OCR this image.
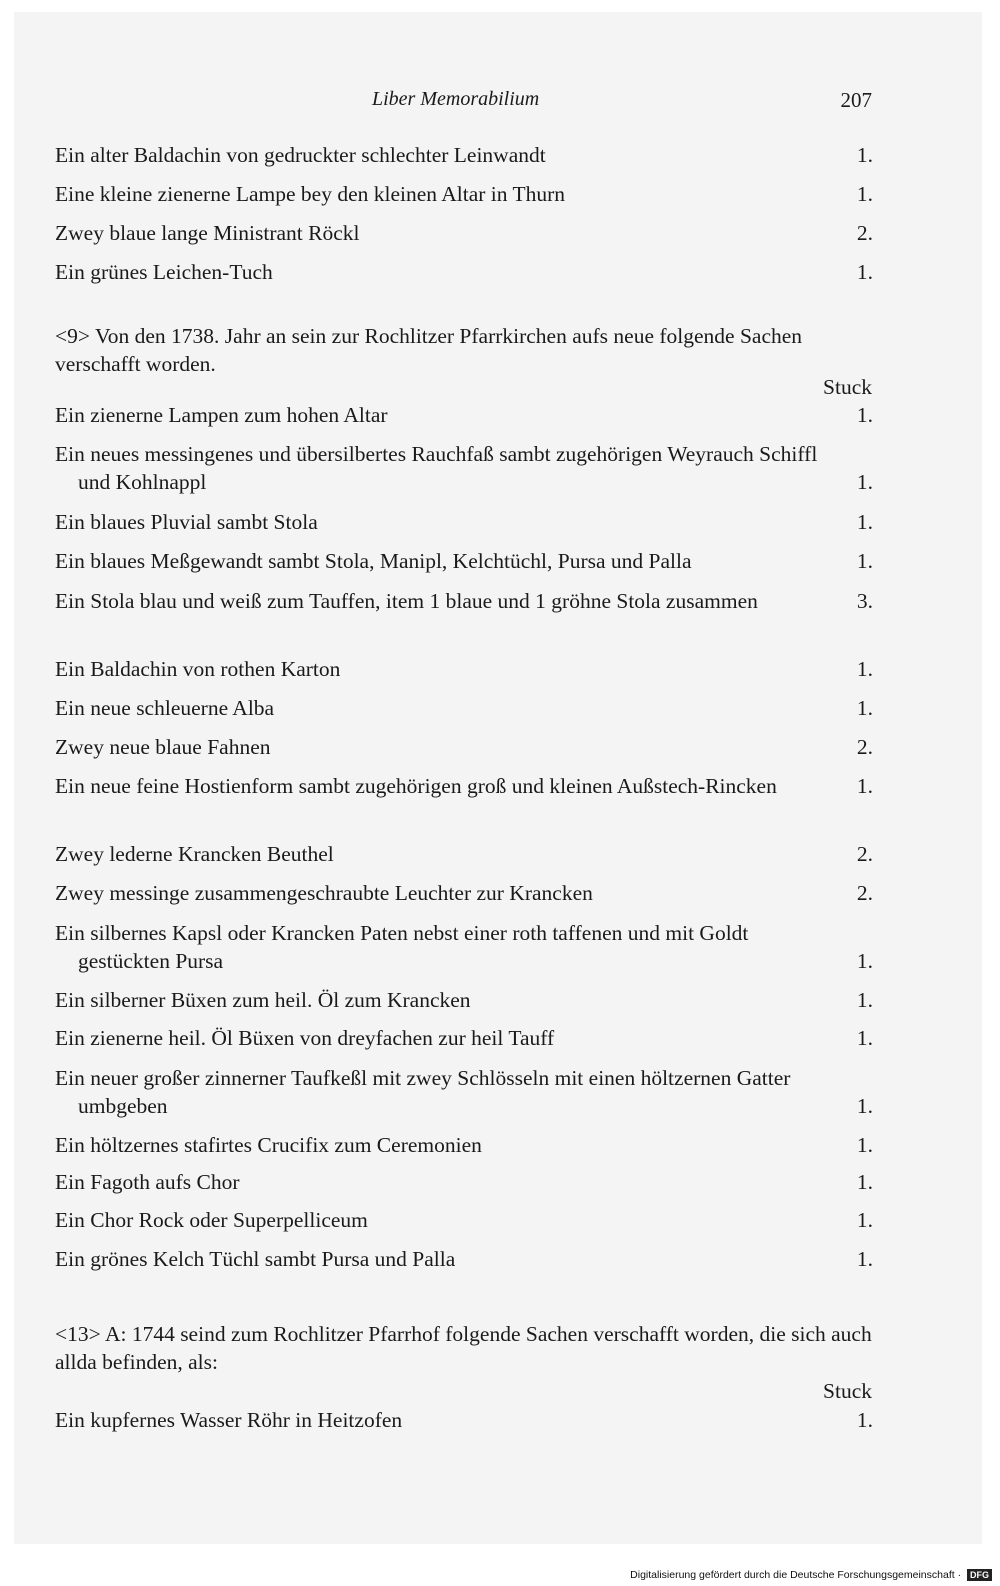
Liber Memorabilium	207
Ein alter Baldachin von gedruckter schlechter Leinwandt	1.
Eine kleine zienerne Lampe bey den kleinen Altar in Thurn	1.
Zwey blaue lange Ministrant Röckl	2.
Ein grünes Leichen-Tuch	1.
<9> Von den 1738. Jahr an sein zur Rochlitzer Pfarrkirchen aufs neue folgende Sachen verschafft worden.
Stuck
Ein zienerne Lampen zum hohen Altar	1.
Ein neues messingenes und übersilbertes Rauchfaß sambt zugehörigen Weyrauch Schiffl und Kohlnappl	1.
Ein blaues Pluvial sambt Stola	1.
Ein blaues Meßgewandt sambt Stola, Manipl, Kelchtüchl, Pursa und Palla	1.
Ein Stola blau und weiß zum Tauffen, item 1 blaue und 1 gröhne Stola zusammen	3.
Ein Baldachin von rothen Karton	1.
Ein neue schleuerne Alba	1.
Zwey neue blaue Fahnen	2.
Ein neue feine Hostienform sambt zugehörigen groß und kleinen Außstech-Rincken	1.
Zwey lederne Krancken Beuthel	2.
Zwey messinge zusammengeschraubte Leuchter zur Krancken	2.
Ein silbernes Kapsl oder Krancken Paten nebst einer roth taffenen und mit Goldt gestückten Pursa	1.
Ein silberner Büxen zum heil. Öl zum Krancken	1.
Ein zienerne heil. Öl Büxen von dreyfachen zur heil Tauff	1.
Ein neuer großer zinnerner Taufkeßl mit zwey Schlösseln mit einen höltzernen Gatter umbgeben	1.
Ein höltzernes stafirtes Crucifix zum Ceremonien	1.
Ein Fagoth aufs Chor	1.
Ein Chor Rock oder Superpelliceum	1.
Ein grönes Kelch Tüchl sambt Pursa und Palla	1.
<13> A: 1744 seind zum Rochlitzer Pfarrhof folgende Sachen verschafft worden, die sich auch allda befinden, als:
Stuck
Ein kupfernes Wasser Röhr in Heitzofen	1.
Digitalisierung gefördert durch die Deutsche Forschungsgemeinschaft · DFG
